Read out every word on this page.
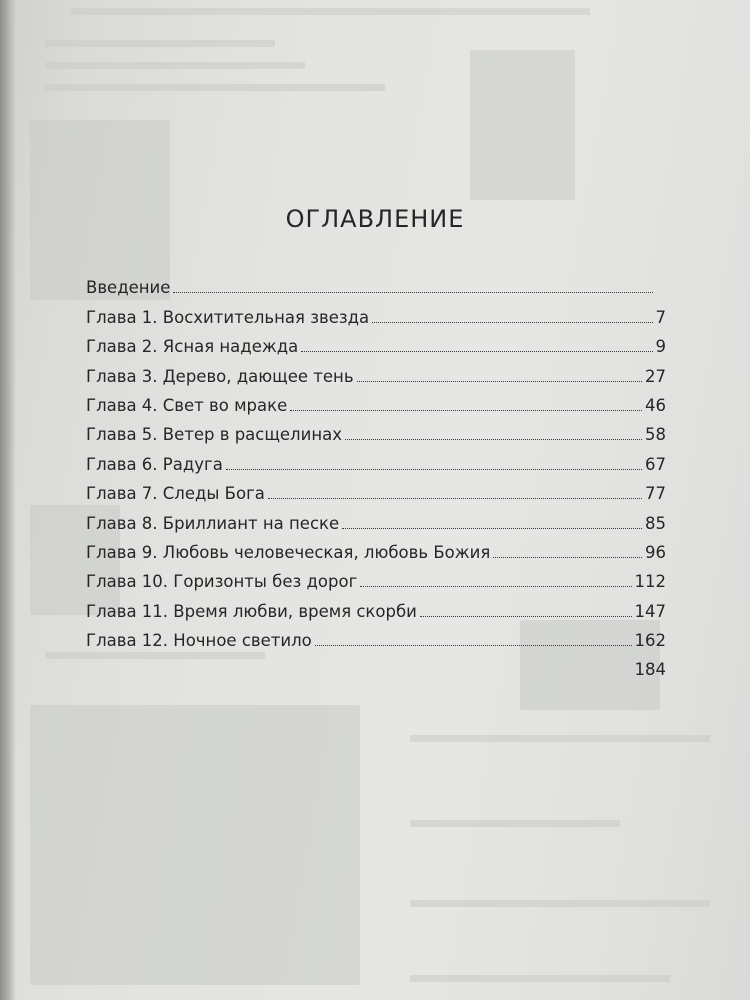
ОГЛАВЛЕНИЕ
Введение
Глава 1. Восхитительная звезда	7
Глава 2. Ясная надежда	9
Глава 3. Дерево, дающее тень	27
Глава 4. Свет во мраке	46
Глава 5. Ветер в расщелинах	58
Глава 6. Радуга	67
Глава 7. Следы Бога	77
Глава 8. Бриллиант на песке	85
Глава 9. Любовь человеческая, любовь Божия	96
Глава 10. Горизонты без дорог	112
Глава 11. Время любви, время скорби	147
Глава 12. Ночное светило	162
184
